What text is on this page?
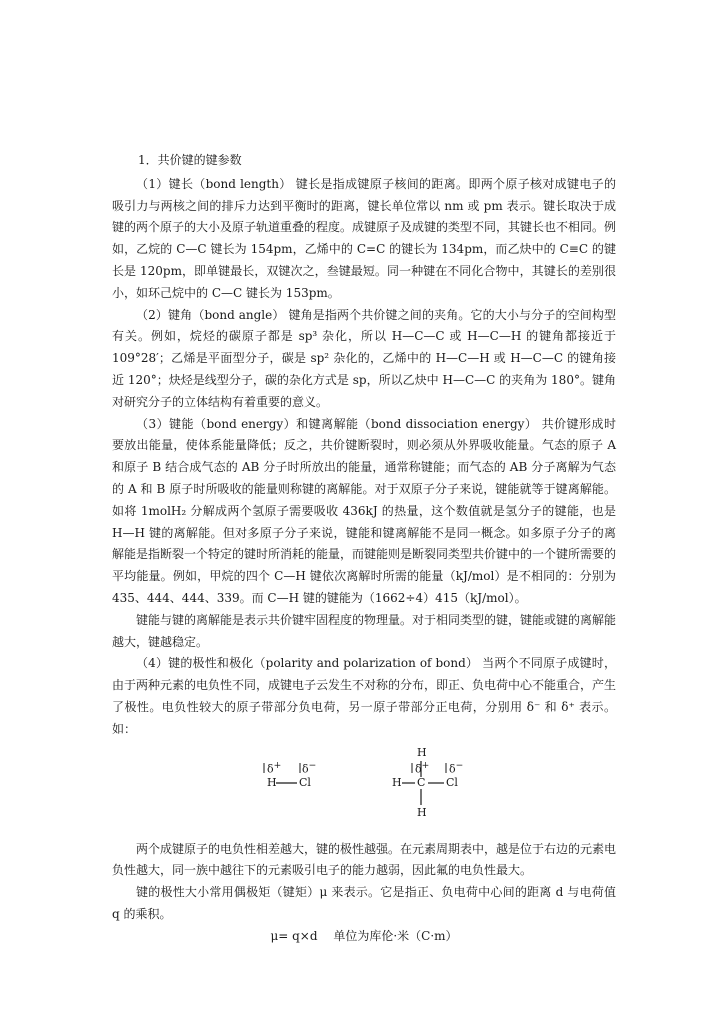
1．共价键的键参数

（1）键长（bond length） 键长是指成键原子核间的距离。即两个原子核对成键电子的吸引力与两核之间的排斥力达到平衡时的距离，键长单位常以 nm 或 pm 表示。键长取决于成键的两个原子的大小及原子轨道重叠的程度。成键原子及成键的类型不同，其键长也不相同。例如，乙烷的 C—C 键长为 154pm，乙烯中的 C=C 的键长为 134pm，而乙炔中的 C≡C 的键长是 120pm，即单键最长，双键次之，叁键最短。同一种键在不同化合物中，其键长的差别很小，如环己烷中的 C—C 键长为 153pm。

（2）键角（bond angle） 键角是指两个共价键之间的夹角。它的大小与分子的空间构型有关。例如，烷烃的碳原子都是 sp³ 杂化，所以 H—C—C 或 H—C—H 的键角都接近于 109°28′；乙烯是平面型分子，碳是 sp² 杂化的，乙烯中的 H—C—H 或 H—C—C 的键角接近 120°；炔烃是线型分子，碳的杂化方式是 sp，所以乙炔中 H—C—C 的夹角为 180°。键角对研究分子的立体结构有着重要的意义。

（3）键能（bond energy）和键离解能（bond dissociation energy） 共价键形成时要放出能量，使体系能量降低；反之，共价键断裂时，则必须从外界吸收能量。气态的原子 A 和原子 B 结合成气态的 AB 分子时所放出的能量，通常称键能；而气态的 AB 分子离解为气态的 A 和 B 原子时所吸收的能量则称键的离解能。对于双原子分子来说，键能就等于键离解能。如将 1molH₂ 分解成两个氢原子需要吸收 436kJ 的热量，这个数值就是氢分子的键能，也是 H—H 键的离解能。但对多原子分子来说，键能和键离解能不是同一概念。如多原子分子的离解能是指断裂一个特定的键时所消耗的能量，而键能则是断裂同类型共价键中的一个键所需要的平均能量。例如，甲烷的四个 C—H 键依次离解时所需的能量（kJ/mol）是不相同的：分别为 435、444、444、339。而 C—H 键的键能为（1662÷4）415（kJ/mol）。

键能与键的离解能是表示共价键牢固程度的物理量。对于相同类型的键，键能或键的离解能越大，键越稳定。

（4）键的极性和极化（polarity and polarization of bond） 当两个不同原子成键时，由于两种元素的电负性不同，成键电子云发生不对称的分布，即正、负电荷中心不能重合，产生了极性。电负性较大的原子带部分负电荷，另一原子带部分正电荷，分别用 δ⁻ 和 δ⁺ 表示。如：

δ+ δ−
H Cl
H
δ+ δ−
H C Cl
H

两个成键原子的电负性相差越大，键的极性越强。在元素周期表中，越是位于右边的元素电负性越大，同一族中越往下的元素吸引电子的能力越弱，因此氟的电负性最大。

键的极性大小常用偶极矩（键矩）μ 来表示。它是指正、负电荷中心间的距离 d 与电荷值 q 的乘积。

μ= q×d　 单位为库伦·米（C·m）
